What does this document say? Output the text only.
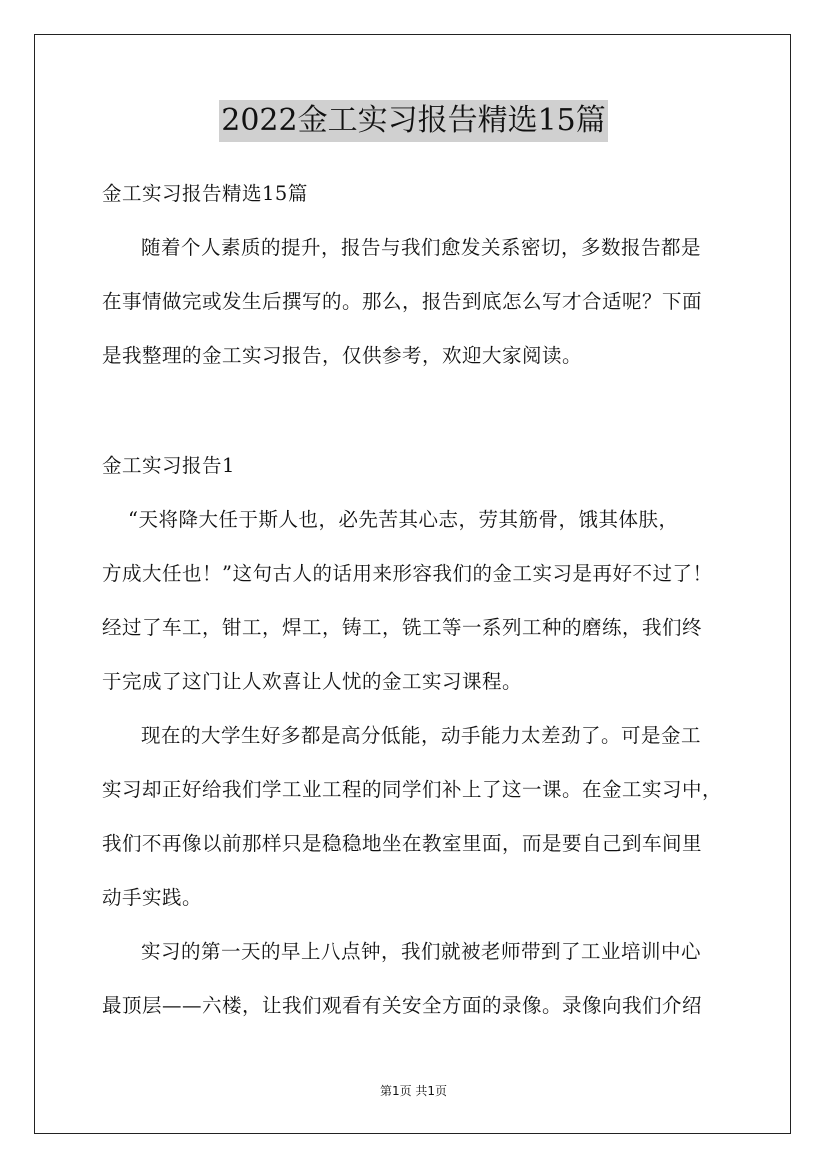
2022金工实习报告精选15篇
金工实习报告精选15篇
随着个人素质的提升，报告与我们愈发关系密切，多数报告都是
在事情做完或发生后撰写的。那么，报告到底怎么写才合适呢？下面
是我整理的金工实习报告，仅供参考，欢迎大家阅读。
金工实习报告1
“天将降大任于斯人也，必先苦其心志，劳其筋骨，饿其体肤，
方成大任也！”这句古人的话用来形容我们的金工实习是再好不过了！
经过了车工，钳工，焊工，铸工，铣工等一系列工种的磨练，我们终
于完成了这门让人欢喜让人忧的金工实习课程。
现在的大学生好多都是高分低能，动手能力太差劲了。可是金工
实习却正好给我们学工业工程的同学们补上了这一课。在金工实习中，
我们不再像以前那样只是稳稳地坐在教室里面，而是要自己到车间里
动手实践。
实习的第一天的早上八点钟，我们就被老师带到了工业培训中心
最顶层——六楼，让我们观看有关安全方面的录像。录像向我们介绍
第1页 共1页
